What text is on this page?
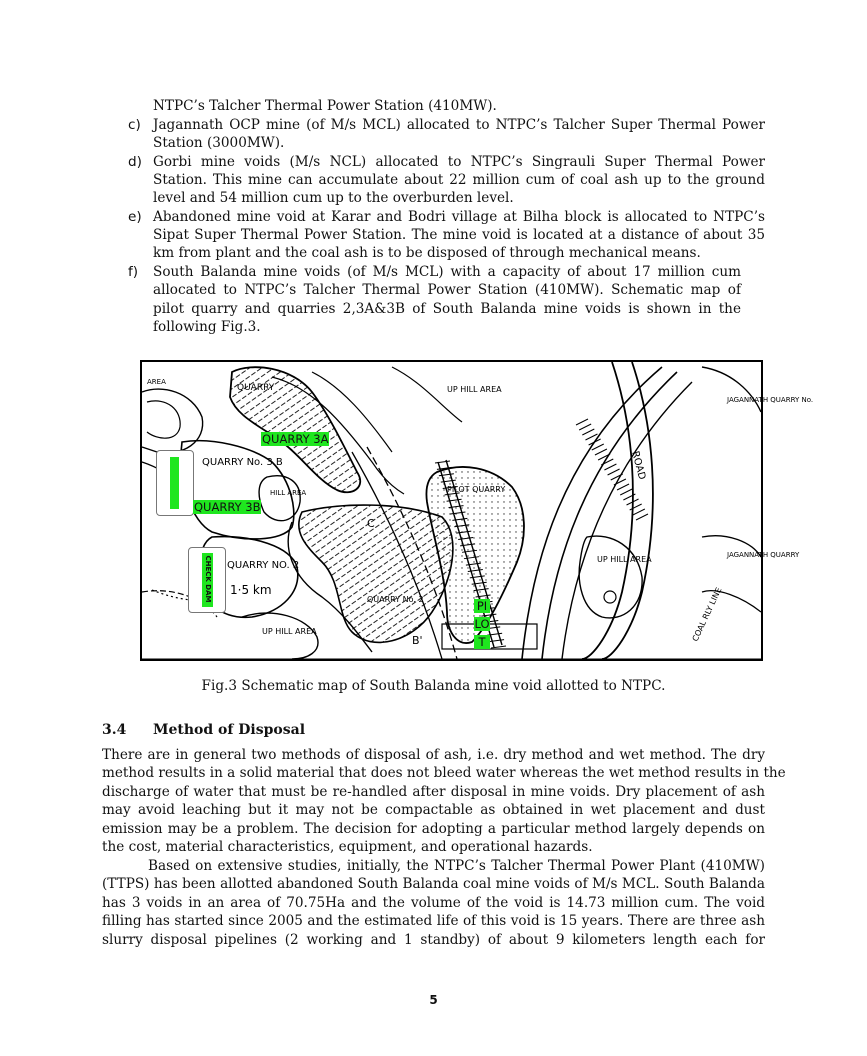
NTPC’s Talcher Thermal Power Station (410MW).
c) Jagannath OCP mine (of M/s MCL) allocated to NTPC’s Talcher Super Thermal Power
Station (3000MW).
d) Gorbi mine voids (M/s NCL) allocated to NTPC’s Singrauli Super Thermal Power
Station. This mine can accumulate about 22 million cum of coal ash up to the ground
level and 54 million cum up to the overburden level.
e) Abandoned mine void at Karar and Bodri village at Bilha block is allocated to NTPC’s
Sipat Super Thermal Power Station. The mine void is located at a distance of about 35
km from plant and the coal ash is to be disposed of through mechanical means.
f) South Balanda mine voids (of M/s MCL) with a capacity of about 17 million cum
allocated to NTPC’s Talcher Thermal Power Station (410MW). Schematic map of
pilot quarry and quarries 2,3A&3B of South Balanda mine voids is shown in the
following Fig.3.
QUARRY	UP HILL AREA
QUARRY No. 3 B
HILL AREA
QUARRY NO. 2
1·5 km
QUARRY No. 2
UP HILL AREA
PILOT QUARRY
UP HILL AREA
JAGANNATH QUARRY No.
JAGANNATH QUARRY
AREA
C
B'	COAL RLY LINE
ROAD
CHECK DAM
QUARRY 3A
QUARRY 3B
PI
LO
T
Fig.3 Schematic map of South Balanda mine void allotted to NTPC.
3.4 Method of Disposal
There are in general two methods of disposal of ash, i.e. dry method and wet method. The dry
method results in a solid material that does not bleed water whereas the wet method results in the
discharge of water that must be re-handled after disposal in mine voids. Dry placement of ash
may avoid leaching but it may not be compactable as obtained in wet placement and dust
emission may be a problem. The decision for adopting a particular method largely depends on
the cost, material characteristics, equipment, and operational hazards.
Based on extensive studies, initially, the NTPC’s Talcher Thermal Power Plant (410MW)
(TTPS) has been allotted abandoned South Balanda coal mine voids of M/s MCL. South Balanda
has 3 voids in an area of 70.75Ha and the volume of the void is 14.73 million cum. The void
filling has started since 2005 and the estimated life of this void is 15 years. There are three ash
slurry disposal pipelines (2 working and 1 standby) of about 9 kilometers length each for
5
